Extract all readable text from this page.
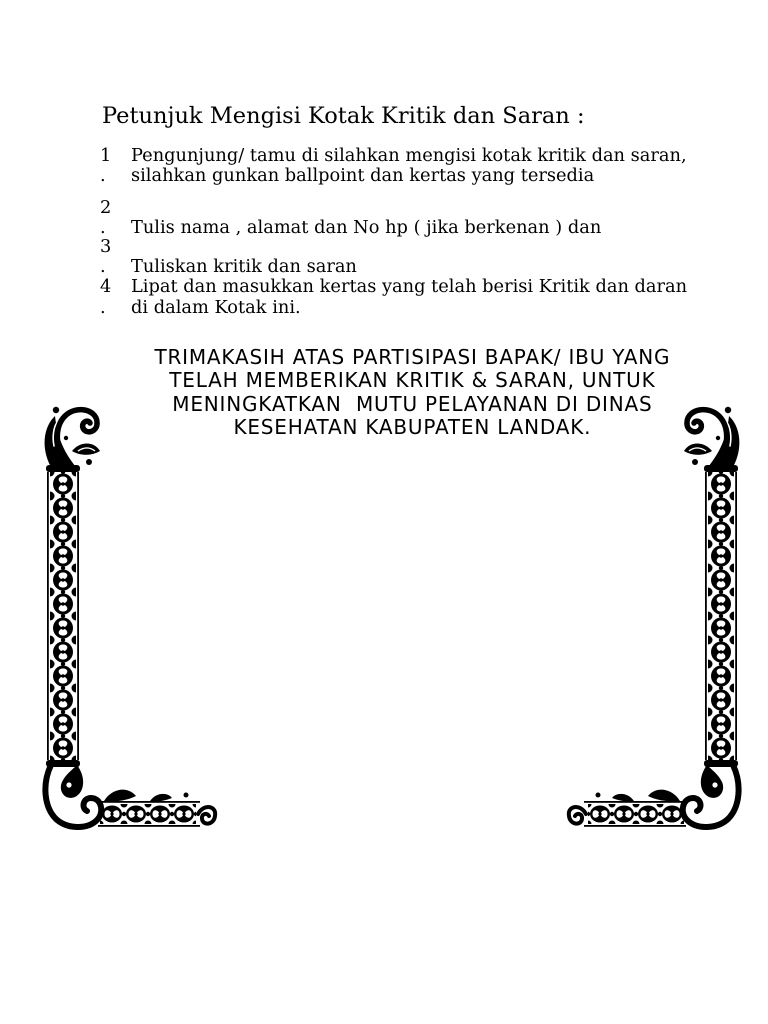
Petunjuk Mengisi Kotak Kritik dan Saran :
1 Pengunjung/ tamu di silahkan mengisi kotak kritik dan saran,
. silahkan gunkan ballpoint dan kertas yang tersedia
2
. Tulis nama , alamat dan No hp ( jika berkenan ) dan
3
. Tuliskan kritik dan saran
4 Lipat dan masukkan kertas yang telah berisi Kritik dan daran
. di dalam Kotak ini.
TRIMAKASIH ATAS PARTISIPASI BAPAK/ IBU YANG
TELAH MEMBERIKAN KRITIK & SARAN, UNTUK
MENINGKATKAN  MUTU PELAYANAN DI DINAS
KESEHATAN KABUPATEN LANDAK.
